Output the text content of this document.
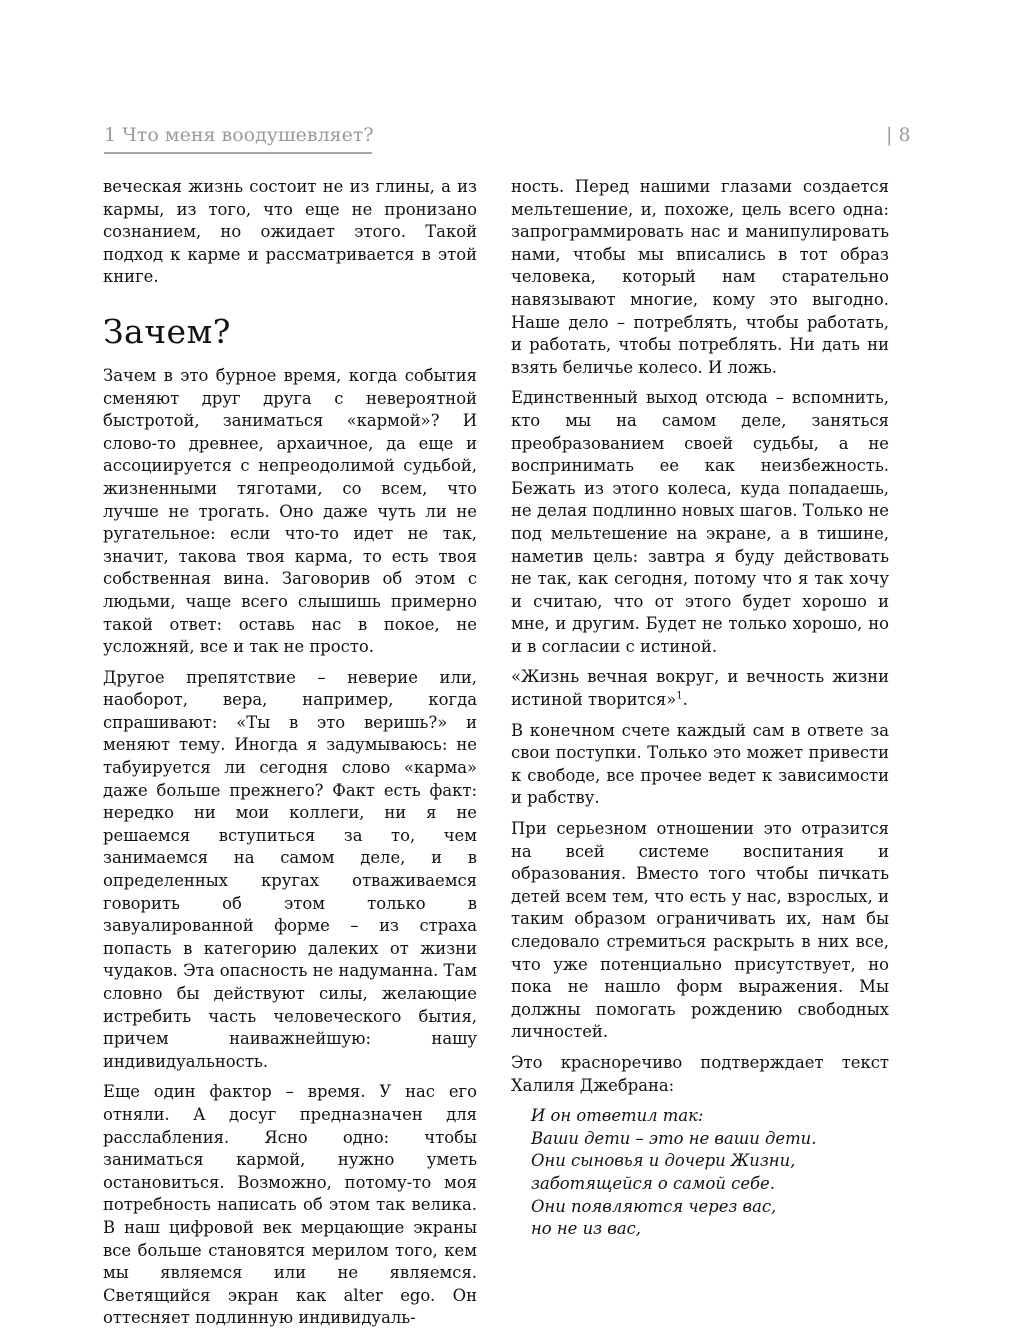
1 Что меня воодушевляет?	| 8

вечеcкая жизнь состоит не из глины, а из кармы, из того, что еще не пронизано сознанием, но ожидает этого. Такой подход к карме и рассматривается в этой книге.

Зачем?

Зачем в это бурное время, когда события сменяют друг друга с невероятной быстротой, заниматься «кармой»? И слово-то древнее, архаичное, да еще и ассоциируется с непреодолимой судьбой, жизненными тяготами, со всем, что лучше не трогать. Оно даже чуть ли не ругательное: если что-то идет не так, значит, такова твоя карма, то есть твоя собственная вина. Заговорив об этом с людьми, чаще всего слышишь примерно такой ответ: оставь нас в покое, не усложняй, все и так не просто.

Другое препятствие – неверие или, наоборот, вера, например, когда спрашивают: «Ты в это веришь?» и меняют тему. Иногда я задумываюсь: не табуируется ли сегодня слово «карма» даже больше прежнего? Факт есть факт: нередко ни мои коллеги, ни я не решаемся вступиться за то, чем занимаемся на самом деле, и в определенных кругах отваживаемся говорить об этом только в завуалированной форме – из страха попасть в категорию далеких от жизни чудаков. Эта опасность не надуманна. Там словно бы действуют силы, желающие истребить часть человеческого бытия, причем наиважнейшую: нашу индивидуальность.

Еще один фактор – время. У нас его отняли. А досуг предназначен для расслабления. Ясно одно: чтобы заниматься кармой, нужно уметь остановиться. Возможно, потому-то моя потребность написать об этом так велика. В наш цифровой век мерцающие экраны все больше становятся мерилом того, кем мы являемся или не являемся. Светящийся экран как alter ego. Он оттесняет подлинную индивидуаль-

ность. Перед нашими глазами создается мельтешение, и, похоже, цель всего одна: запрограммировать нас и манипулировать нами, чтобы мы вписались в тот образ человека, который нам старательно навязывают многие, кому это выгодно. Наше дело – потреблять, чтобы работать, и работать, чтобы потреблять. Ни дать ни взять беличье колесо. И ложь.

Единственный выход отсюда – вспомнить, кто мы на самом деле, заняться преобразованием своей судьбы, а не воспринимать ее как неизбежность. Бежать из этого колеса, куда попадаешь, не делая подлинно новых шагов. Только не под мельтешение на экране, а в тишине, наметив цель: завтра я буду действовать не так, как сегодня, потому что я так хочу и считаю, что от этого будет хорошо и мне, и другим. Будет не только хорошо, но и в согласии с истиной.

«Жизнь вечная вокруг, и вечность жизни истиной творится»$^1$.

В конечном счете каждый сам в ответе за свои поступки. Только это может привести к свободе, все прочее ведет к зависимости и рабству.

При серьезном отношении это отразится на всей системе воспитания и образования. Вместо того чтобы пичкать детей всем тем, что есть у нас, взрослых, и таким образом ограничивать их, нам бы следовало стремиться раскрыть в них все, что уже потенциально присутствует, но пока не нашло форм выражения. Мы должны помогать рождению свободных личностей.

Это красноречиво подтверждает текст Халиля Джебрана:

И он ответил так:
Ваши дети – это не ваши дети.
Они сыновья и дочери Жизни,
заботящейся о самой себе.
Они появляются через вас,
но не из вас,
